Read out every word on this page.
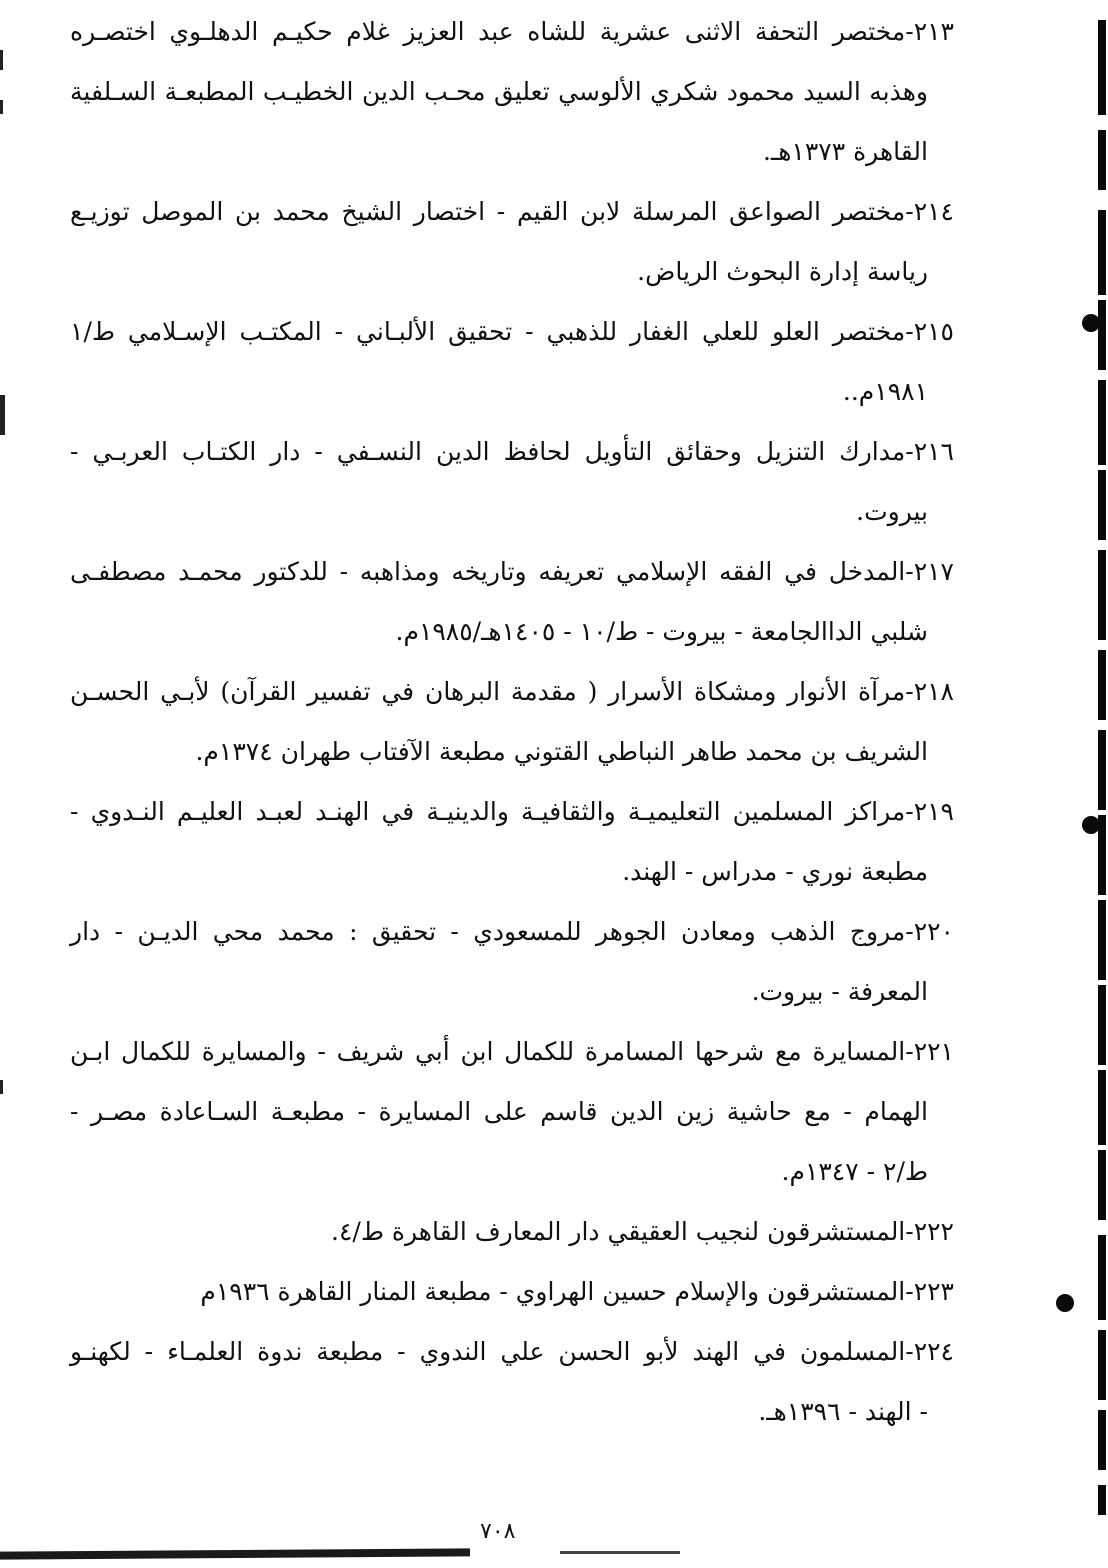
٢١٣-مختصر التحفة الاثنى عشرية للشاه عبد العزيز غلام حكيـم الدهلـوي اختصـره
وهذبه السيد محمود شكري الألوسي تعليق محـب الدين الخطيـب المطبعـة السـلفية
القاهرة ١٣٧٣هـ.
٢١٤-مختصر الصواعق المرسلة لابن القيم - اختصار الشيخ محمد بن الموصل توزيـع
رياسة إدارة البحوث الرياض.
٢١٥-مختصر العلو للعلي الغفار للذهبي - تحقيق الألبـاني - المكتـب الإسـلامي ط/١
١٩٨١م..
٢١٦-مدارك التنزيل وحقائق التأويل لحافظ الدين النسـفي - دار الكتـاب العربـي -
بيروت.
٢١٧-المدخل في الفقه الإسلامي تعريفه وتاريخه ومذاهبه - للدكتور محمـد مصطفـى
شلبي الداالجامعة - بيروت - ط/١٠ - ١٤٠٥هـ/١٩٨٥م.
٢١٨-مرآة الأنوار ومشكاة الأسرار ( مقدمة البرهان في تفسير القرآن) لأبـي الحسـن
الشريف بن محمد طاهر النباطي القتوني مطبعة الآفتاب طهران ١٣٧٤م.
٢١٩-مراكز المسلمين التعليميـة والثقافيـة والدينيـة في الهنـد لعبـد العليـم النـدوي -
مطبعة نوري - مدراس - الهند.
٢٢٠-مروج الذهب ومعادن الجوهر للمسعودي - تحقيق : محمد محي الديـن - دار
المعرفة - بيروت.
٢٢١-المسايرة مع شرحها المسامرة للكمال ابن أبي شريف - والمسايرة للكمال ابـن
الهمام - مع حاشية زين الدين قاسم على المسايرة - مطبعـة السـاعادة مصـر -
ط/٢ - ١٣٤٧م.
٢٢٢-المستشرقون لنجيب العقيقي دار المعارف القاهرة ط/٤.
٢٢٣-المستشرقون والإسلام حسين الهراوي - مطبعة المنار القاهرة ١٩٣٦م
٢٢٤-المسلمون في الهند لأبو الحسن علي الندوي - مطبعة ندوة العلمـاء - لكهنـو
- الهند - ١٣٩٦هـ.
٧٠٨
